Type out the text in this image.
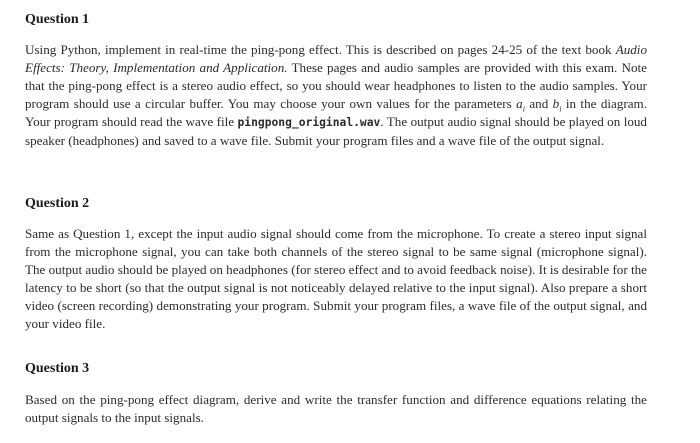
Question 1

Using Python, implement in real-time the ping-pong effect. This is described on pages 24-25 of the text book Audio Effects: Theory, Implementation and Application. These pages and audio samples are provided with this exam. Note that the ping-pong effect is a stereo audio effect, so you should wear headphones to listen to the audio samples. Your program should use a circular buffer. You may choose your own values for the parameters $a_i$ and $b_i$ in the diagram. Your program should read the wave file pingpong_original.wav. The output audio signal should be played on loud speaker (headphones) and saved to a wave file. Submit your program files and a wave file of the output signal.

Question 2

Same as Question 1, except the input audio signal should come from the microphone. To create a stereo input signal from the microphone signal, you can take both channels of the stereo signal to be same signal (microphone signal). The output audio should be played on headphones (for stereo effect and to avoid feedback noise). It is desirable for the latency to be short (so that the output signal is not noticeably delayed relative to the input signal). Also prepare a short video (screen recording) demonstrating your program. Submit your program files, a wave file of the output signal, and your video file.

Question 3

Based on the ping-pong effect diagram, derive and write the transfer function and difference equations relating the output signals to the input signals.
